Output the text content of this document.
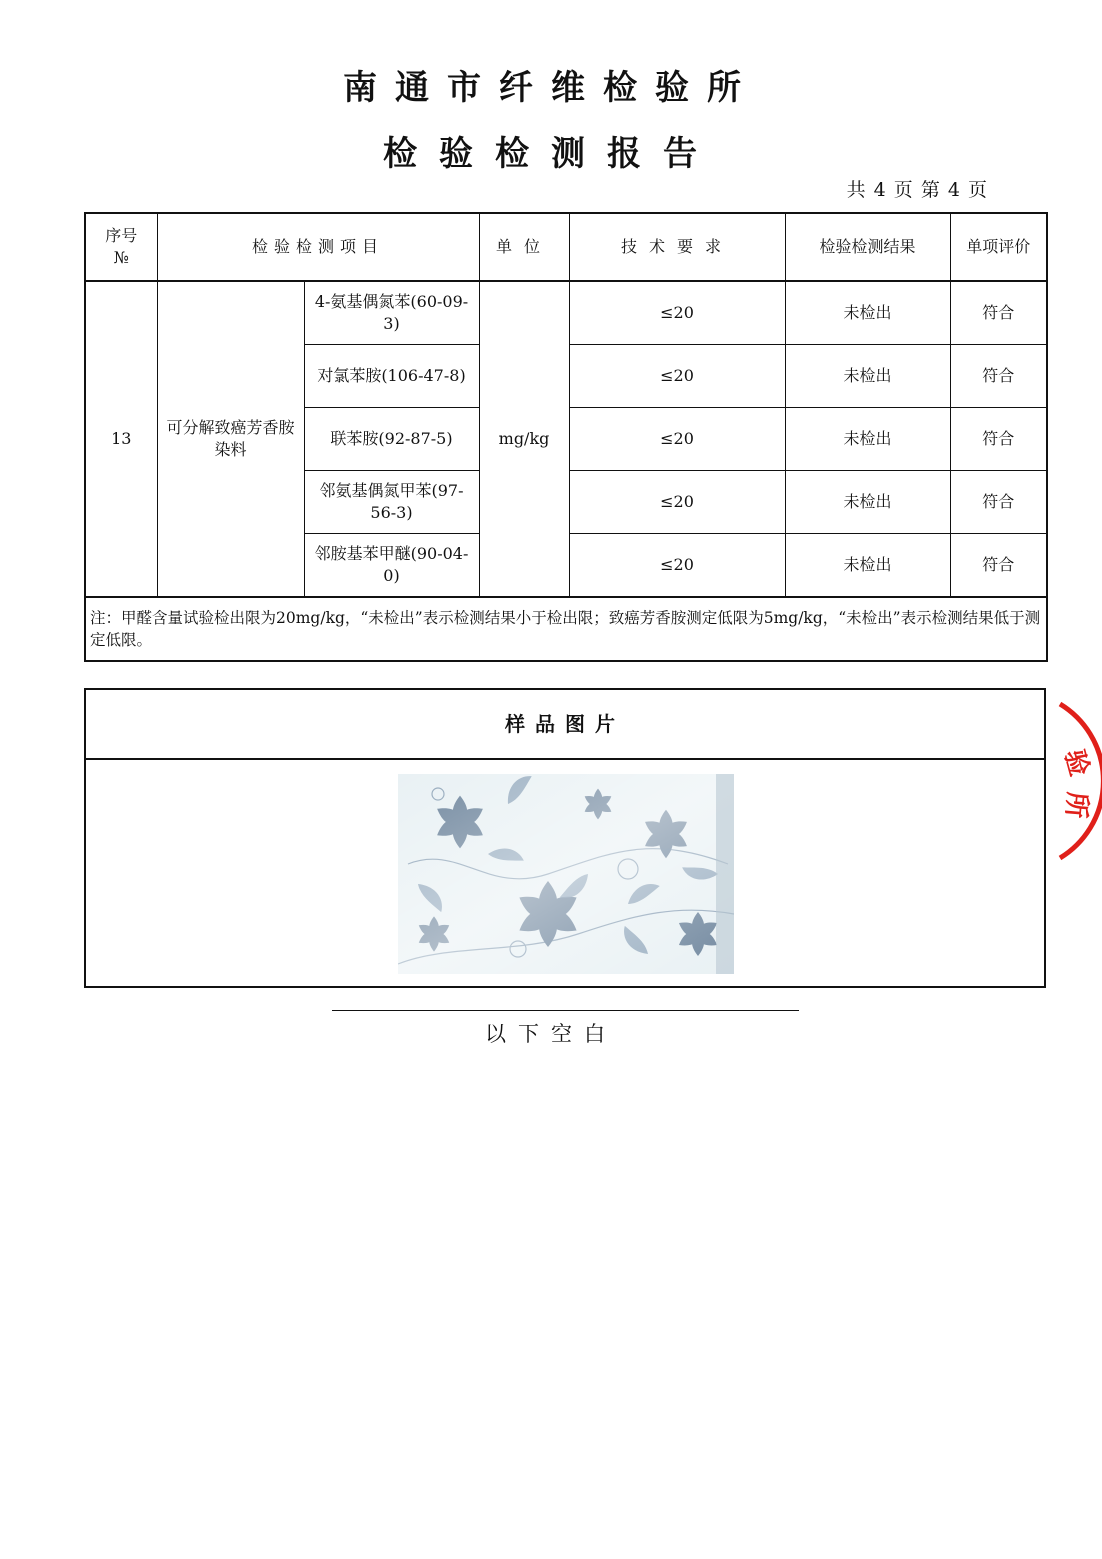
南通市纤维检验所
检验检测报告
共 4 页 第 4 页
序号
№	检验检测项目		单位	技术要求	检验检测结果	单项评价
13	可分解致癌芳香胺染料	4-氨基偶氮苯(60-09-3)	mg/kg	≤20	未检出	符合
		对氯苯胺(106-47-8)		≤20	未检出	符合
		联苯胺(92-87-5)		≤20	未检出	符合
		邻氨基偶氮甲苯(97-56-3)		≤20	未检出	符合
		邻胺基苯甲醚(90-04-0)		≤20	未检出	符合
注：甲醛含量试验检出限为20mg/kg，“未检出”表示检测结果小于检出限；致癌芳香胺测定低限为5mg/kg，“未检出”表示检测结果低于测定低限。						
样品图片
以下空白
验
所
